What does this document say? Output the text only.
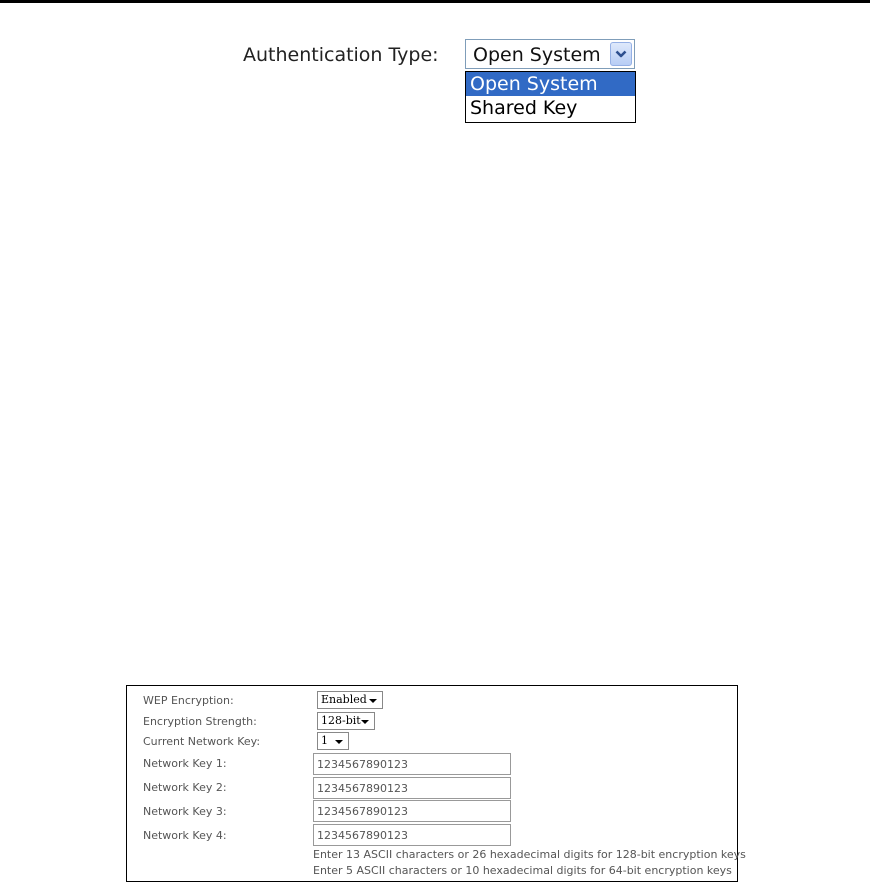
Authentication Type: Open System
Open System
Shared Key
WEP Encryption:	Enabled
Encryption Strength:	128-bit
Current Network Key:	1
Network Key 1:
1234567890123
Network Key 2:
1234567890123
Network Key 3:
1234567890123
Network Key 4:
1234567890123
Enter 13 ASCII characters or 26 hexadecimal digits for 128-bit encryption keys
Enter 5 ASCII characters or 10 hexadecimal digits for 64-bit encryption keys
